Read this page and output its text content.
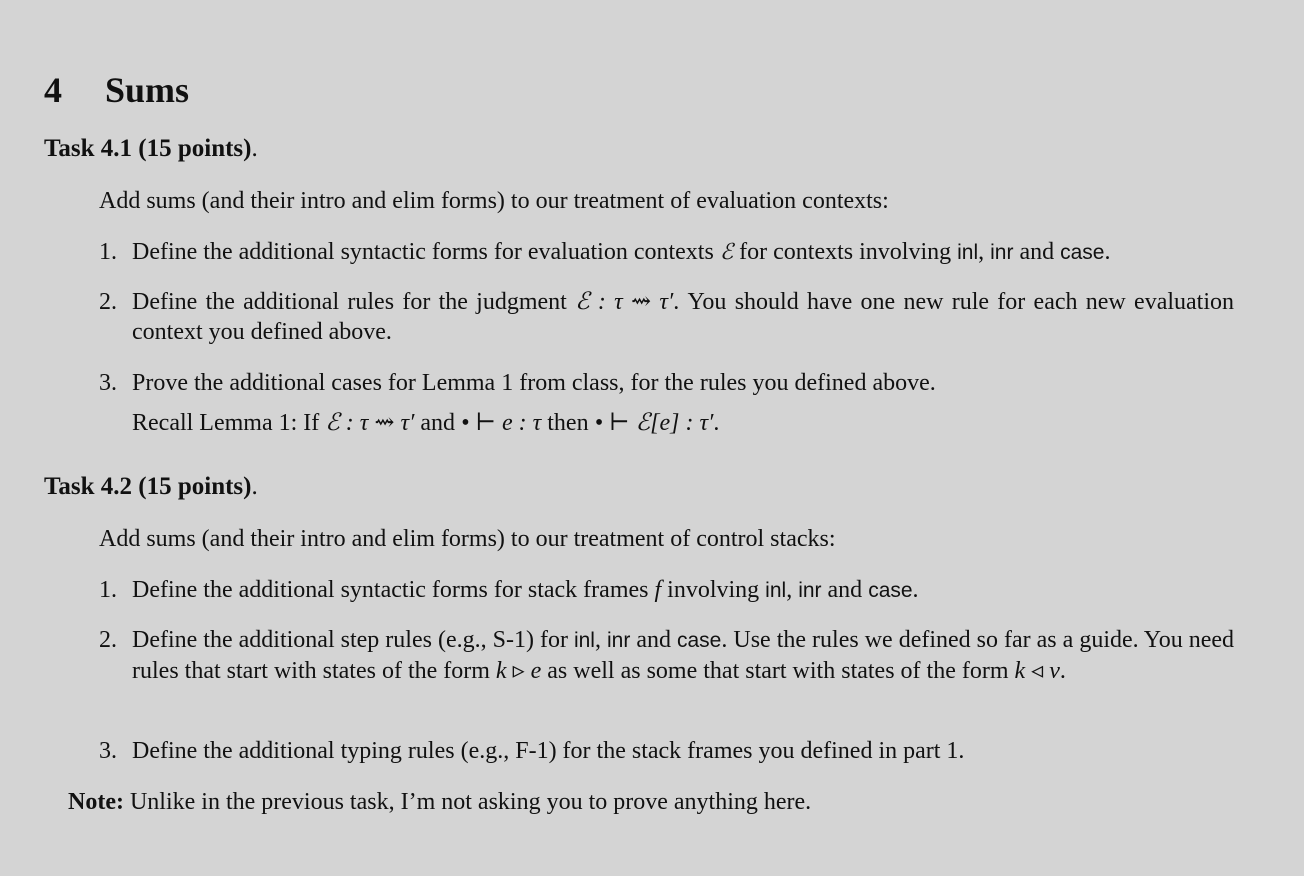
4 Sums
Task 4.1 (15 points).
Add sums (and their intro and elim forms) to our treatment of evaluation contexts:
1. Define the additional syntactic forms for evaluation contexts ℰ for contexts involving inl, inr and case.
2. Define the additional rules for the judgment ℰ : τ ⇝ τ′. You should have one new rule for each new evaluation context you defined above.
3. Prove the additional cases for Lemma 1 from class, for the rules you defined above.
Recall Lemma 1: If ℰ : τ ⇝ τ′ and • ⊢ e : τ then • ⊢ ℰ[e] : τ′.
Task 4.2 (15 points).
Add sums (and their intro and elim forms) to our treatment of control stacks:
1. Define the additional syntactic forms for stack frames f involving inl, inr and case.
2. Define the additional step rules (e.g., S-1) for inl, inr and case. Use the rules we defined so far as a guide. You need rules that start with states of the form k ▹ e as well as some that start with states of the form k ◃ v.
3. Define the additional typing rules (e.g., F-1) for the stack frames you defined in part 1.
Note: Unlike in the previous task, I’m not asking you to prove anything here.
